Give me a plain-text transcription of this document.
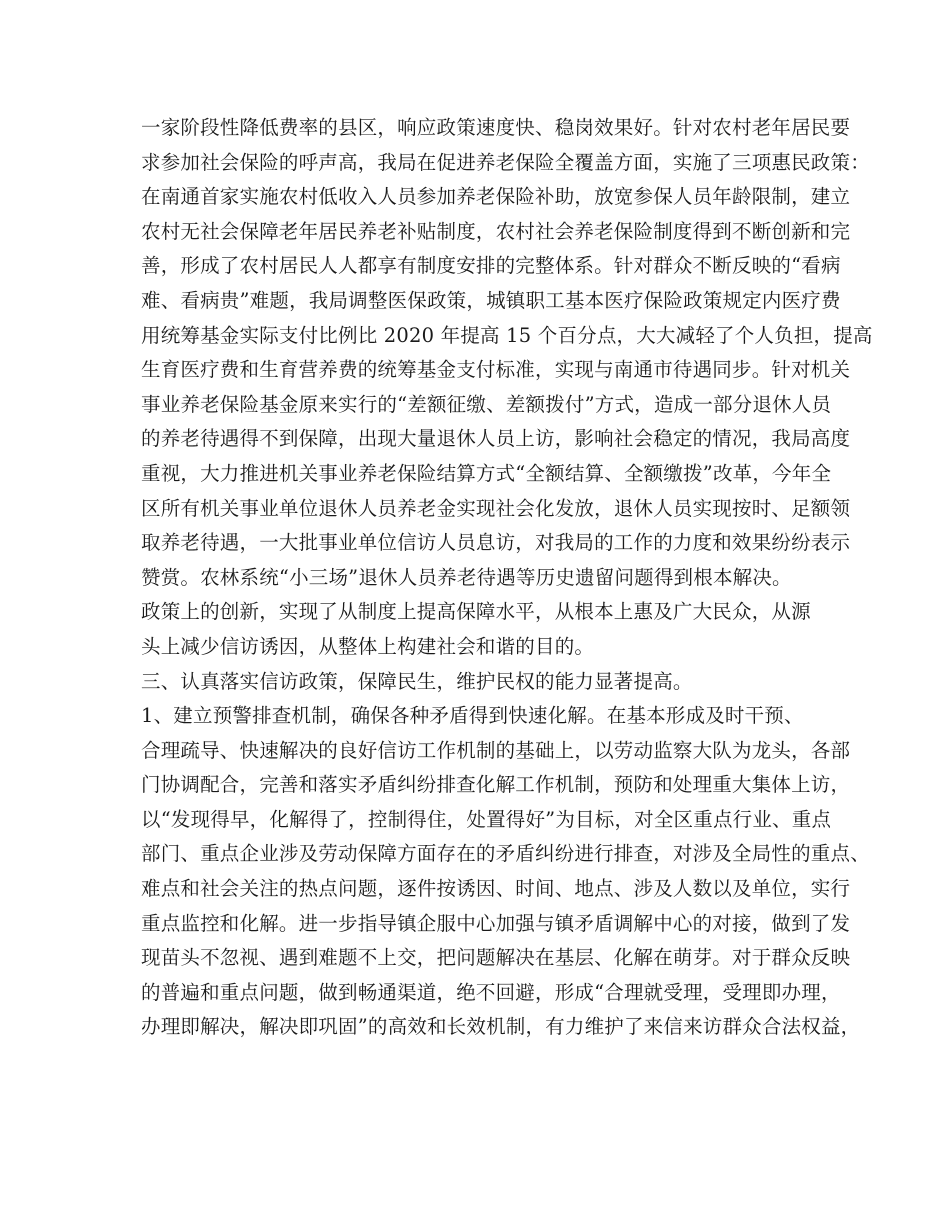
一家阶段性降低费率的县区，响应政策速度快、稳岗效果好。针对农村老年居民要
求参加社会保险的呼声高，我局在促进养老保险全覆盖方面，实施了三项惠民政策：
在南通首家实施农村低收入人员参加养老保险补助，放宽参保人员年龄限制，建立
农村无社会保障老年居民养老补贴制度，农村社会养老保险制度得到不断创新和完
善，形成了农村居民人人都享有制度安排的完整体系。针对群众不断反映的“看病
难、看病贵”难题，我局调整医保政策，城镇职工基本医疗保险政策规定内医疗费
用统筹基金实际支付比例比 2020 年提高 15 个百分点，大大减轻了个人负担，提高
生育医疗费和生育营养费的统筹基金支付标准，实现与南通市待遇同步。针对机关
事业养老保险基金原来实行的“差额征缴、差额拨付”方式，造成一部分退休人员
的养老待遇得不到保障，出现大量退休人员上访，影响社会稳定的情况，我局高度
重视，大力推进机关事业养老保险结算方式“全额结算、全额缴拨”改革，今年全
区所有机关事业单位退休人员养老金实现社会化发放，退休人员实现按时、足额领
取养老待遇，一大批事业单位信访人员息访，对我局的工作的力度和效果纷纷表示
赞赏。农林系统“小三场”退休人员养老待遇等历史遗留问题得到根本解决。
政策上的创新，实现了从制度上提高保障水平，从根本上惠及广大民众，从源
头上减少信访诱因，从整体上构建社会和谐的目的。
三、认真落实信访政策，保障民生，维护民权的能力显著提高。
1、建立预警排查机制，确保各种矛盾得到快速化解。在基本形成及时干预、
合理疏导、快速解决的良好信访工作机制的基础上，以劳动监察大队为龙头，各部
门协调配合，完善和落实矛盾纠纷排查化解工作机制，预防和处理重大集体上访，
以“发现得早，化解得了，控制得住，处置得好”为目标，对全区重点行业、重点
部门、重点企业涉及劳动保障方面存在的矛盾纠纷进行排查，对涉及全局性的重点、
难点和社会关注的热点问题，逐件按诱因、时间、地点、涉及人数以及单位，实行
重点监控和化解。进一步指导镇企服中心加强与镇矛盾调解中心的对接，做到了发
现苗头不忽视、遇到难题不上交，把问题解决在基层、化解在萌芽。对于群众反映
的普遍和重点问题，做到畅通渠道，绝不回避，形成“合理就受理，受理即办理，
办理即解决，解决即巩固”的高效和长效机制，有力维护了来信来访群众合法权益，
